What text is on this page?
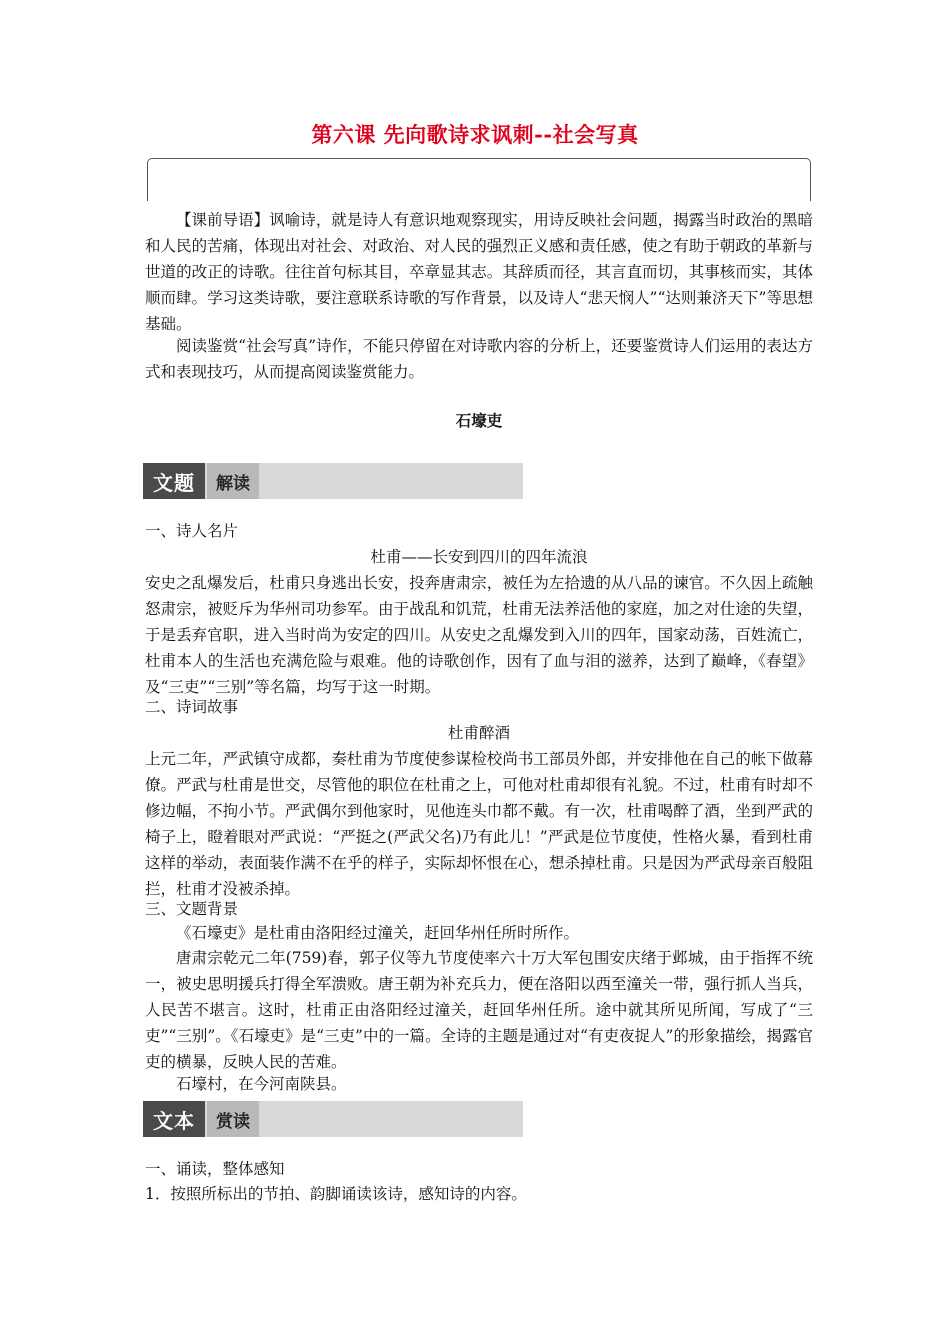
第六课 先向歌诗求讽刺--社会写真

【课前导语】讽喻诗，就是诗人有意识地观察现实，用诗反映社会问题，揭露当时政治的黑暗和人民的苦痛，体现出对社会、对政治、对人民的强烈正义感和责任感，使之有助于朝政的革新与世道的改正的诗歌。往往首句标其目，卒章显其志。其辞质而径，其言直而切，其事核而实，其体顺而肆。学习这类诗歌，要注意联系诗歌的写作背景，以及诗人“悲天悯人”“达则兼济天下”等思想基础。

阅读鉴赏“社会写真”诗作，不能只停留在对诗歌内容的分析上，还要鉴赏诗人们运用的表达方式和表现技巧，从而提高阅读鉴赏能力。

石壕吏

文题	解读

一、诗人名片

杜甫——长安到四川的四年流浪

安史之乱爆发后，杜甫只身逃出长安，投奔唐肃宗，被任为左拾遗的从八品的谏官。不久因上疏触怒肃宗，被贬斥为华州司功参军。由于战乱和饥荒，杜甫无法养活他的家庭，加之对仕途的失望，于是丢弃官职，进入当时尚为安定的四川。从安史之乱爆发到入川的四年，国家动荡，百姓流亡，杜甫本人的生活也充满危险与艰难。他的诗歌创作，因有了血与泪的滋养，达到了巅峰，《春望》及“三吏”“三别”等名篇，均写于这一时期。

二、诗词故事

杜甫醉酒

上元二年，严武镇守成都，奏杜甫为节度使参谋检校尚书工部员外郎，并安排他在自己的帐下做幕僚。严武与杜甫是世交，尽管他的职位在杜甫之上，可他对杜甫却很有礼貌。不过，杜甫有时却不修边幅，不拘小节。严武偶尔到他家时，见他连头巾都不戴。有一次，杜甫喝醉了酒，坐到严武的椅子上，瞪着眼对严武说：“严挺之(严武父名)乃有此儿！”严武是位节度使，性格火暴，看到杜甫这样的举动，表面装作满不在乎的样子，实际却怀恨在心，想杀掉杜甫。只是因为严武母亲百般阻拦，杜甫才没被杀掉。

三、文题背景

《石壕吏》是杜甫由洛阳经过潼关，赶回华州任所时所作。

唐肃宗乾元二年(759)春，郭子仪等九节度使率六十万大军包围安庆绪于邺城，由于指挥不统一，被史思明援兵打得全军溃败。唐王朝为补充兵力，便在洛阳以西至潼关一带，强行抓人当兵，人民苦不堪言。这时，杜甫正由洛阳经过潼关，赶回华州任所。途中就其所见所闻，写成了“三吏”“三别”。《石壕吏》是“三吏”中的一篇。全诗的主题是通过对“有吏夜捉人”的形象描绘，揭露官吏的横暴，反映人民的苦难。

石壕村，在今河南陕县。

文本	赏读

一、诵读，整体感知

1．按照所标出的节拍、韵脚诵读该诗，感知诗的内容。
